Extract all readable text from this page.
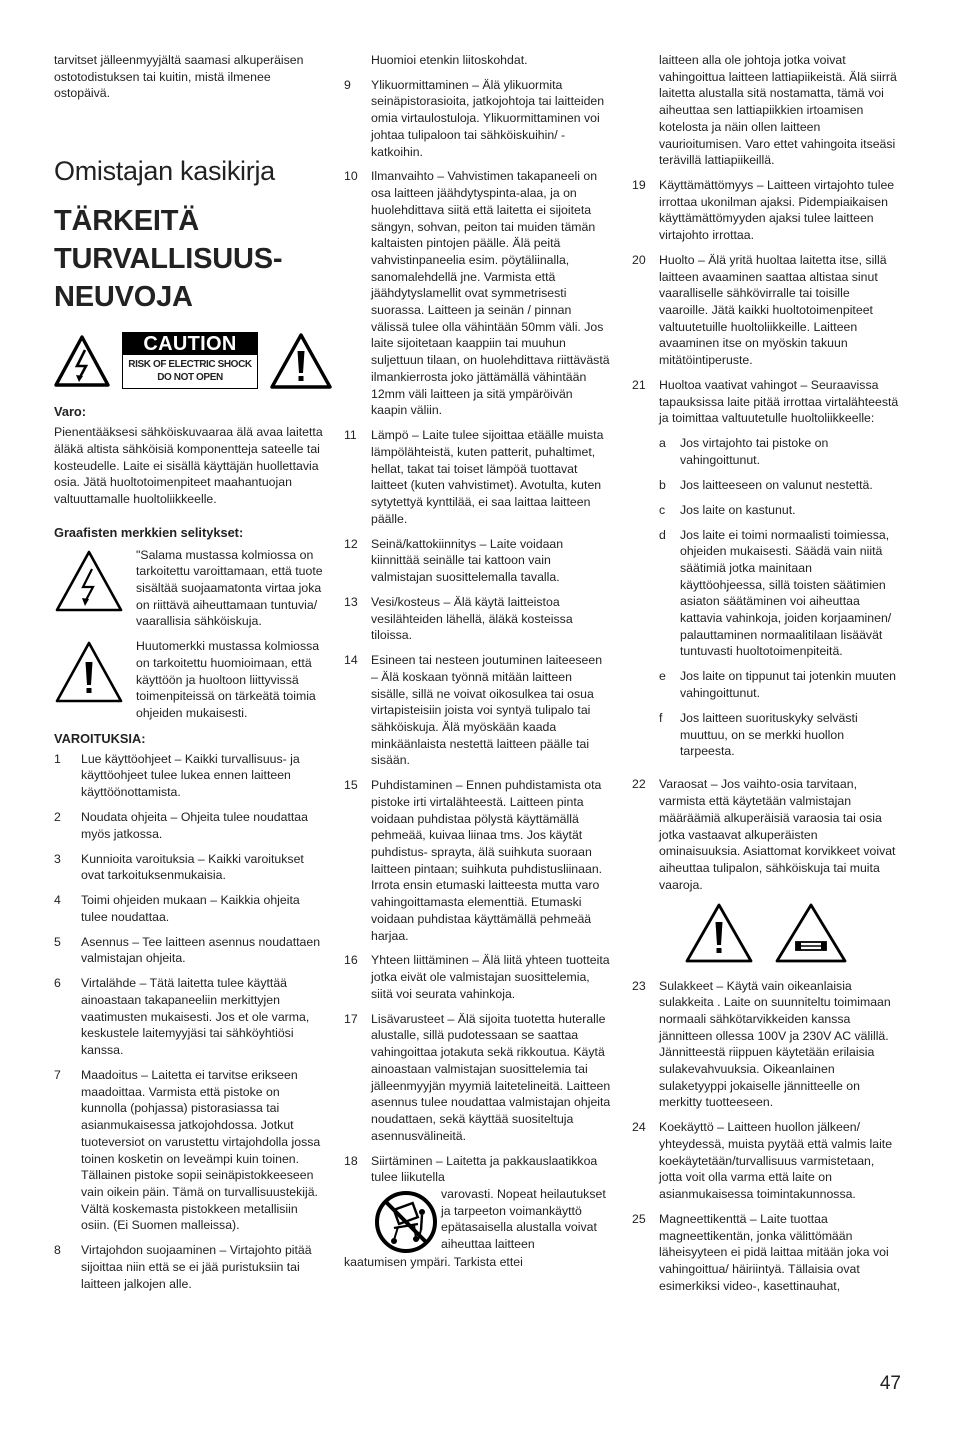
tarvitset jälleenmyyjältä saamasi alkuperäisen ostotodistuksen tai kuitin, mistä ilmenee ostopäivä.

Omistajan kasikirja
TÄRKEITÄ
TURVALLISUUS-
NEUVOJA
CAUTION
RISK OF ELECTRIC SHOCK
DO NOT OPEN
Varo:

Pienentääksesi sähköiskuvaaraa älä avaa laitetta äläkä altista sähköisiä komponentteja sateelle tai kosteudelle. Laite ei sisällä käyttäjän huollettavia osia. Jätä huoltotoimenpiteet maahantuojan valtuuttamalle huoltoliikkeelle.

Graafisten merkkien selitykset:
"Salama mustassa kolmiossa on tarkoitettu varoittamaan, että tuote sisältää suojaamatonta virtaa joka on riittävä aiheuttamaan tuntuvia/ vaarallisia sähköiskuja.
Huutomerkki mustassa kolmiossa on tarkoitettu huomioimaan, että käyttöön ja huoltoon liittyvissä toimenpiteissä on tärkeätä toimia ohjeiden mukaisesti.
VAROITUKSIA:
1	Lue käyttöohjeet – Kaikki turvallisuus- ja käyttöohjeet tulee lukea ennen laitteen käyttöönottamista.
2	Noudata ohjeita – Ohjeita tulee noudattaa myös jatkossa.
3	Kunnioita varoituksia – Kaikki varoitukset ovat tarkoituksenmukaisia.
4	Toimi ohjeiden mukaan – Kaikkia ohjeita tulee noudattaa.
5	Asennus – Tee laitteen asennus noudattaen valmistajan ohjeita.
6	Virtalähde – Tätä laitetta tulee käyttää ainoastaan takapaneeliin merkittyjen vaatimusten mukaisesti. Jos et ole varma, keskustele laitemyyjäsi tai sähköyhtiösi kanssa.
7	Maadoitus – Laitetta ei tarvitse erikseen maadoittaa. Varmista että pistoke on kunnolla (pohjassa) pistorasiassa tai asianmukaisessa jatkojohdossa. Jotkut tuoteversiot on varustettu virtajohdolla jossa toinen kosketin on leveämpi kuin toinen. Tällainen pistoke sopii seinäpistokkeeseen vain oikein päin. Tämä on turvallisuustekijä. Vältä koskemasta pistokkeen metallisiin osiin. (Ei Suomen malleissa).
8	Virtajohdon suojaaminen – Virtajohto pitää sijoittaa niin että se ei jää puristuksiin tai laitteen jalkojen alle.

Huomioi etenkin liitoskohdat.

9	Ylikuormittaminen – Älä ylikuormita seinäpistorasioita, jatkojohtoja tai laitteiden omia virtaulostuloja. Ylikuormittaminen voi johtaa tulipaloon tai sähköiskuihin/ -katkoihin.
10	Ilmanvaihto – Vahvistimen takapaneeli on osa laitteen jäähdytyspinta-alaa, ja on huolehdittava siitä että laitetta ei sijoiteta sängyn, sohvan, peiton tai muiden tämän kaltaisten pintojen päälle. Älä peitä vahvistinpaneelia esim. pöytäliinalla, sanomalehdellä jne. Varmista että jäähdytyslamellit ovat symmetrisesti suorassa. Laitteen ja seinän / pinnan välissä tulee olla vähintään 50mm väli. Jos laite sijoitetaan kaappiin tai muuhun suljettuun tilaan, on huolehdittava riittävästä ilmankierrosta joko jättämällä vähintään 12mm väli laitteen ja sitä ympäröivän kaapin väliin.
11	Lämpö – Laite tulee sijoittaa etäälle muista lämpölähteistä, kuten patterit, puhaltimet, hellat, takat tai toiset lämpöä tuottavat laitteet (kuten vahvistimet). Avotulta, kuten sytytettyä kynttilää, ei saa laittaa laitteen päälle.
12	Seinä/kattokiinnitys – Laite voidaan kiinnittää seinälle tai kattoon vain valmistajan suosittelemalla tavalla.
13	Vesi/kosteus – Älä käytä laitteistoa vesilähteiden lähellä, äläkä kosteissa tiloissa.
14	Esineen tai nesteen joutuminen laiteeseen – Älä koskaan työnnä mitään laitteen sisälle, sillä ne voivat oikosulkea tai osua virtapisteisiin joista voi syntyä tulipalo tai sähköiskuja. Älä myöskään kaada minkäänlaista nestettä laitteen päälle tai sisään.
15	Puhdistaminen – Ennen puhdistamista ota pistoke irti virtalähteestä. Laitteen pinta voidaan puhdistaa pölystä käyttämällä pehmeää, kuivaa liinaa tms. Jos käytät puhdistus- sprayta, älä suihkuta suoraan laitteen pintaan; suihkuta puhdistusliinaan. Irrota ensin etumaski laitteesta mutta varo vahingoittamasta elementtiä. Etumaski voidaan puhdistaa käyttämällä pehmeää harjaa.
16	Yhteen liittäminen – Älä liitä yhteen tuotteita jotka eivät ole valmistajan suosittelemia, siitä voi seurata vahinkoja.
17	Lisävarusteet – Älä sijoita tuotetta huteralle alustalle, sillä pudotessaan se saattaa vahingoittaa jotakuta sekä rikkoutua. Käytä ainoastaan valmistajan suosittelemia tai jälleenmyyjän myymiä laitetelineitä. Laitteen asennus tulee noudattaa valmistajan ohjeita noudattaen, sekä käyttää suositeltuja asennusvälineitä.
18	Siirtäminen – Laitetta ja pakkauslaatikkoa tulee liikutella
varovasti. Nopeat heilautukset ja tarpeeton voimankäyttö epätasaisella alustalla voivat aiheuttaa laitteen
kaatumisen ympäri. Tarkista ettei

laitteen alla ole johtoja jotka voivat vahingoittua laitteen lattiapiikeistä. Älä siirrä laitetta alustalla sitä nostamatta, tämä voi aiheuttaa sen lattiapiikkien irtoamisen kotelosta ja näin ollen laitteen vaurioitumisen. Varo ettet vahingoita itseäsi terävillä lattiapiikeillä.

19	Käyttämättömyys – Laitteen virtajohto tulee irrottaa ukonilman ajaksi. Pidempiaikaisen käyttämättömyyden ajaksi tulee laitteen virtajohto irrottaa.
20	Huolto – Älä yritä huoltaa laitetta itse, sillä laitteen avaaminen saattaa altistaa sinut vaaralliselle sähkövirralle tai toisille vaaroille. Jätä kaikki huoltotoimenpiteet valtuutetuille huoltoliikkeille. Laitteen avaaminen itse on myöskin takuun mitätöintiperuste.
21	Huoltoa vaativat vahingot – Seuraavissa tapauksissa laite pitää irrottaa virtalähteestä ja toimittaa valtuutetulle huoltoliikkeelle:
a	Jos virtajohto tai pistoke on vahingoittunut.
b	Jos laitteeseen on valunut nestettä.
c	Jos laite on kastunut.
d	Jos laite ei toimi normaalisti toimiessa, ohjeiden mukaisesti. Säädä vain niitä säätimiä jotka mainitaan käyttöohjeessa, sillä toisten säätimien asiaton säätäminen voi aiheuttaa kattavia vahinkoja, joiden korjaaminen/ palauttaminen normaalitilaan lisäävät tuntuvasti huoltotoimenpiteitä.
e	Jos laite on tippunut tai jotenkin muuten vahingoittunut.
f	Jos laitteen suorituskyky selvästi muuttuu, on se merkki huollon tarpeesta.
22	Varaosat – Jos vaihto-osia tarvitaan, varmista että käytetään valmistajan määräämiä alkuperäisiä varaosia tai osia jotka vastaavat alkuperäisten ominaisuuksia. Asiattomat korvikkeet voivat aiheuttaa tulipalon, sähköiskuja tai muita vaaroja.
23	Sulakkeet – Käytä vain oikeanlaisia sulakkeita . Laite on suunniteltu toimimaan normaali sähkötarvikkeiden kanssa jännitteen ollessa 100V ja 230V AC välillä. Jännitteestä riippuen käytetään erilaisia sulakevahvuuksia. Oikeanlainen sulaketyyppi jokaiselle jännitteelle on merkitty tuotteeseen.
24	Koekäyttö – Laitteen huollon jälkeen/ yhteydessä, muista pyytää että valmis laite koekäytetään/turvallisuus varmistetaan, jotta voit olla varma että laite on asianmukaisessa toimintakunnossa.
25	Magneettikenttä – Laite tuottaa magneettikentän, jonka välittömään läheisyyteen ei pidä laittaa mitään joka voi vahingoittua/ häiriintyä. Tällaisia ovat esimerkiksi video-, kasettinauhat,
47
